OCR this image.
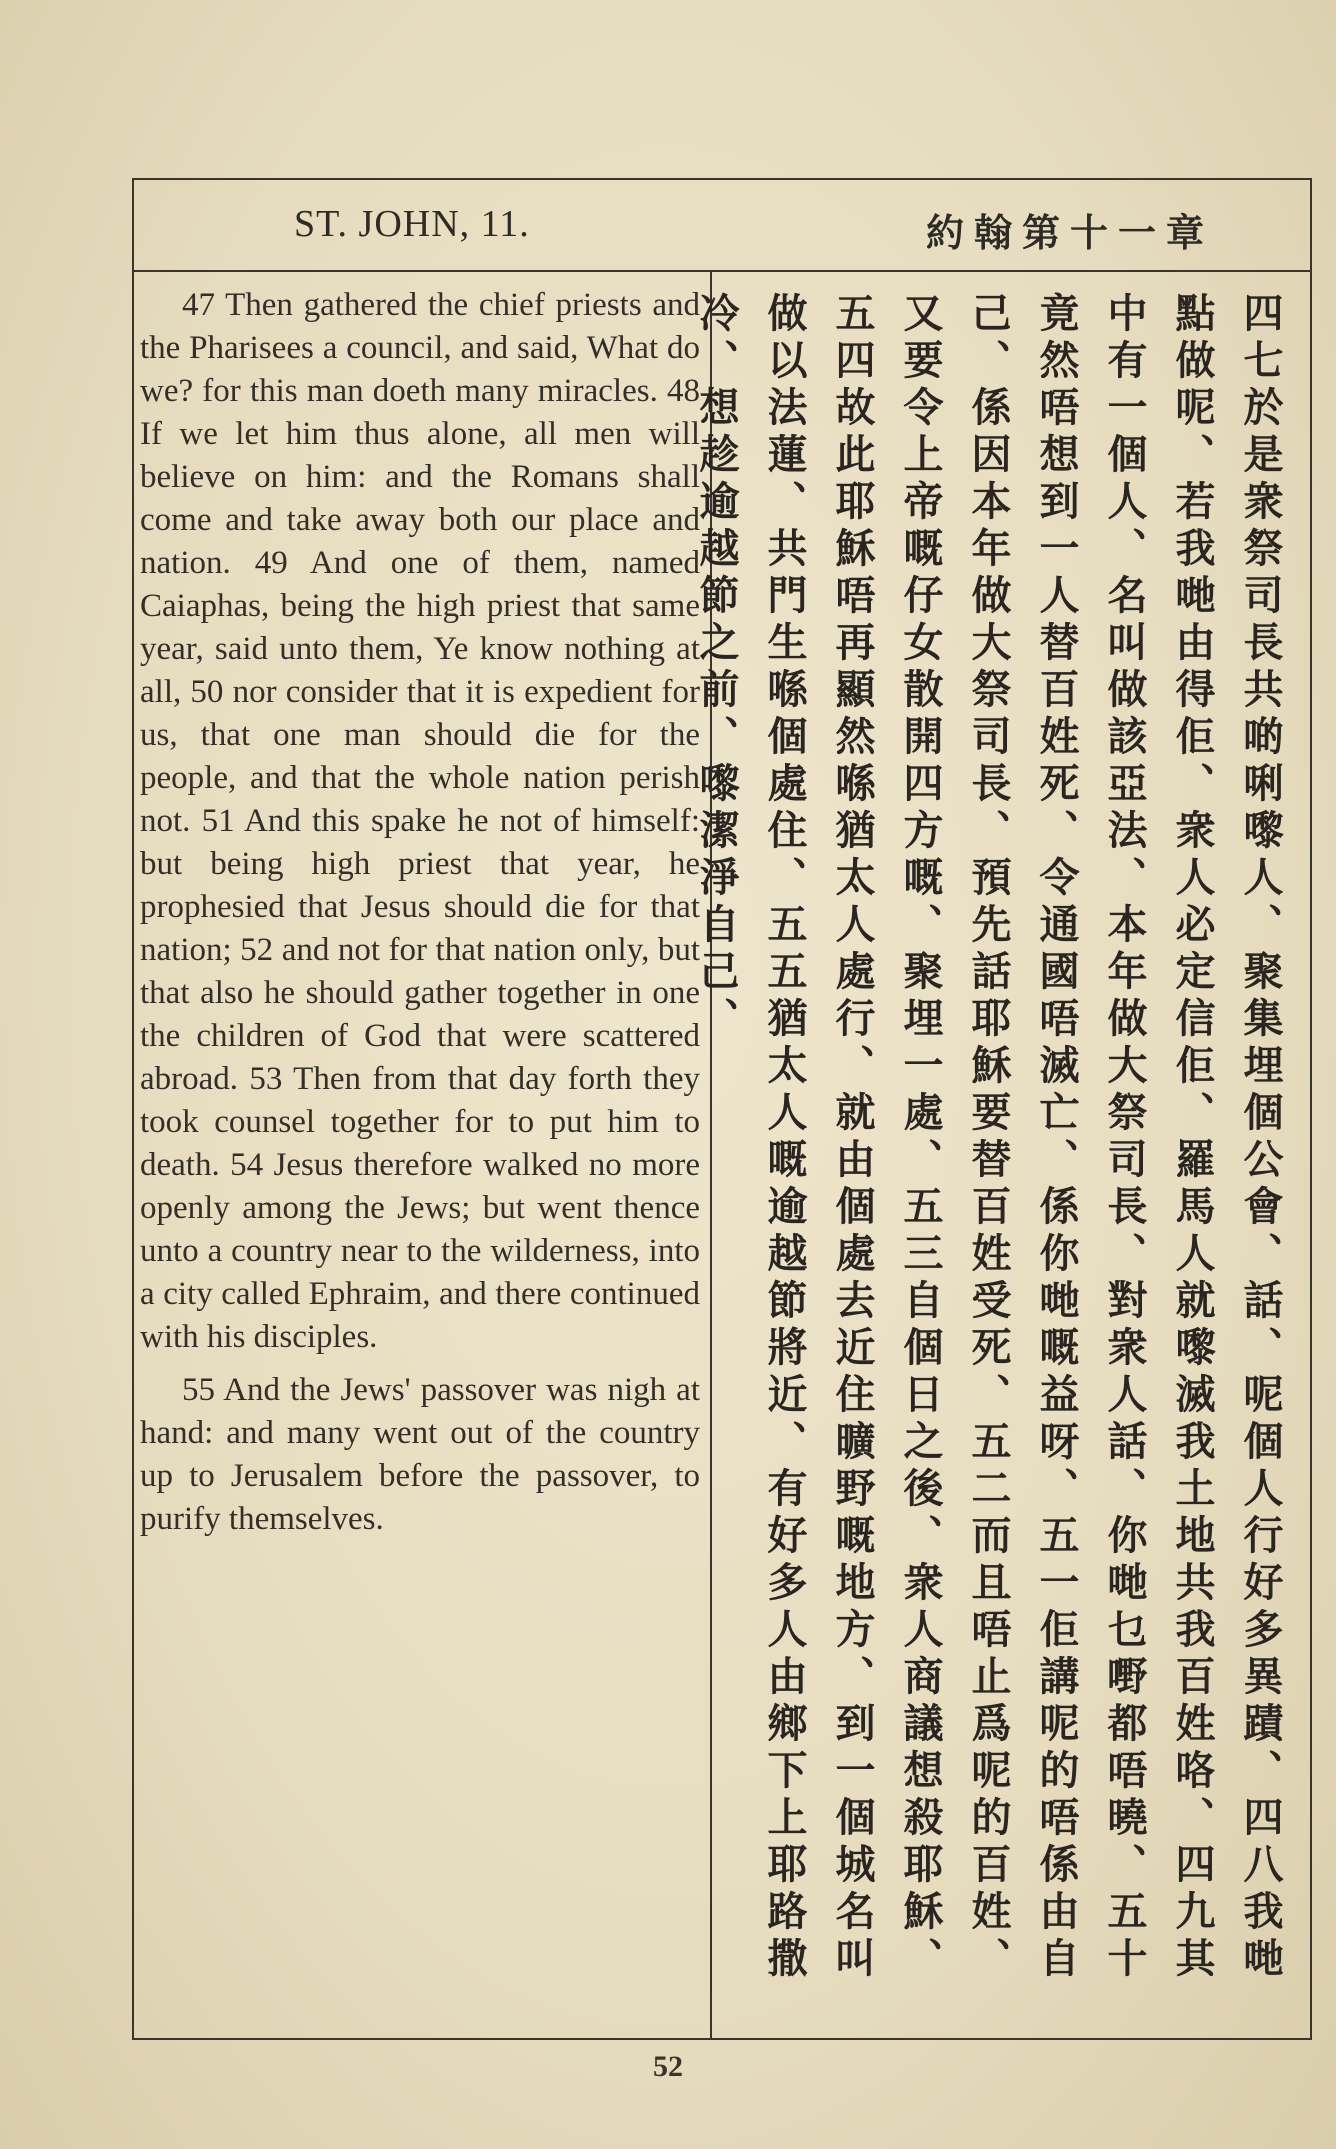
ST. JOHN, 11.	約翰第十一章

47 Then gathered the chief priests and the Pharisees a council, and said, What do we? for this man doeth many miracles. 48 If we let him thus alone, all men will believe on him: and the Romans shall come and take away both our place and nation. 49 And one of them, named Caiaphas, being the high priest that same year, said unto them, Ye know nothing at all, 50 nor consider that it is expedient for us, that one man should die for the people, and that the whole nation perish not. 51 And this spake he not of himself: but being high priest that year, he prophesied that Jesus should die for that nation; 52 and not for that nation only, but that also he should gather together in one the children of God that were scattered abroad. 53 Then from that day forth they took counsel together for to put him to death. 54 Jesus therefore walked no more openly among the Jews; but went thence unto a country near to the wilderness, into a city called Ephraim, and there continued with his disciples.

55 And the Jews' passover was nigh at hand: and many went out of the country up to Jerusalem before the passover, to purify themselves.	四七於是衆祭司長共啲唎嚟人、聚集埋個公會、話、呢個人行好多異蹟、四八我哋點做呢、若我哋由得佢、衆人必定信佢、羅馬人就嚟滅我土地共我百姓咯、四九其中有一個人、名叫做該亞法、本年做大祭司長、對衆人話、你哋乜嘢都唔曉、五十竟然唔想到一人替百姓死、令通國唔滅亡、係你哋嘅益呀、五一佢講呢的唔係由自己、係因本年做大祭司長、預先話耶穌要替百姓受死、五二而且唔止爲呢的百姓、又要令上帝嘅仔女散開四方嘅、聚埋一處、五三自個日之後、衆人商議想殺耶穌、五四故此耶穌唔再顯然喺猶太人處行、就由個處去近住曠野嘅地方、到一個城名叫做以法蓮、共門生喺個處住、五五猶太人嘅逾越節將近、有好多人由鄉下上耶路撒冷、想趁逾越節之前、嚟潔淨自己、
52
